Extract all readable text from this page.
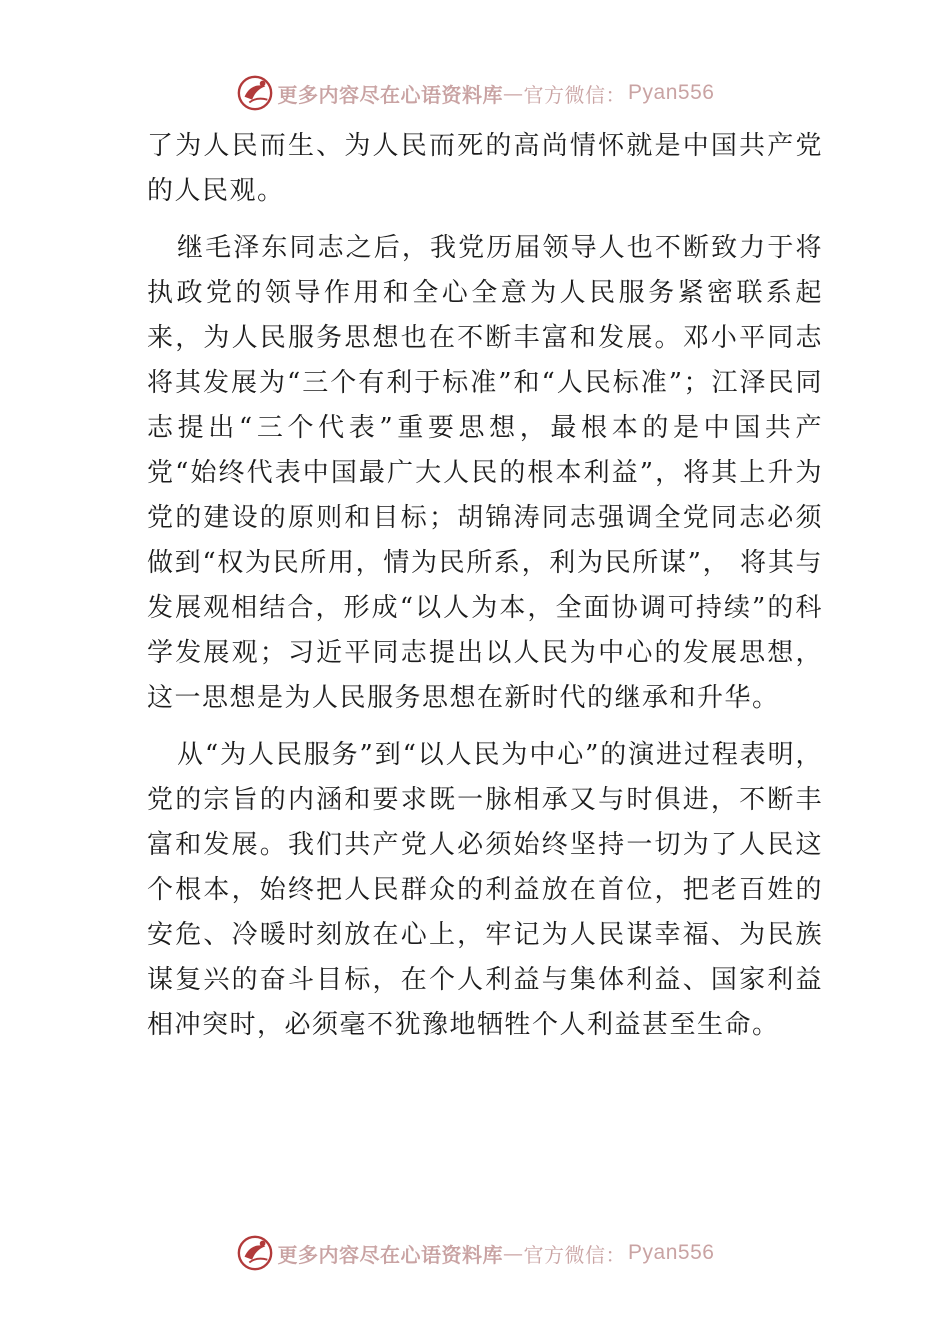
更多内容尽在心语资料库 — 官方微信： Pyan556

了为人民而生、为人民而死的高尚情怀就是中国共产党的人民观。

继毛泽东同志之后，我党历届领导人也不断致力于将执政党的领导作用和全心全意为人民服务紧密联系起来，为人民服务思想也在不断丰富和发展。邓小平同志将其发展为“三个有利于标准”和“人民标准”；江泽民同志提出“三个代表”重要思想，最根本的是中国共产党“始终代表中国最广大人民的根本利益”，将其上升为党的建设的原则和目标；胡锦涛同志强调全党同志必须做到“权为民所用，情为民所系，利为民所谋”， 将其与发展观相结合，形成“以人为本，全面协调可持续”的科学发展观；习近平同志提出以人民为中心的发展思想，这一思想是为人民服务思想在新时代的继承和升华。

从“为人民服务”到“以人民为中心”的演进过程表明，党的宗旨的内涵和要求既一脉相承又与时俱进，不断丰富和发展。我们共产党人必须始终坚持一切为了人民这个根本，始终把人民群众的利益放在首位，把老百姓的安危、冷暖时刻放在心上，牢记为人民谋幸福、为民族谋复兴的奋斗目标，在个人利益与集体利益、国家利益相冲突时，必须毫不犹豫地牺牲个人利益甚至生命。

更多内容尽在心语资料库 — 官方微信： Pyan556
